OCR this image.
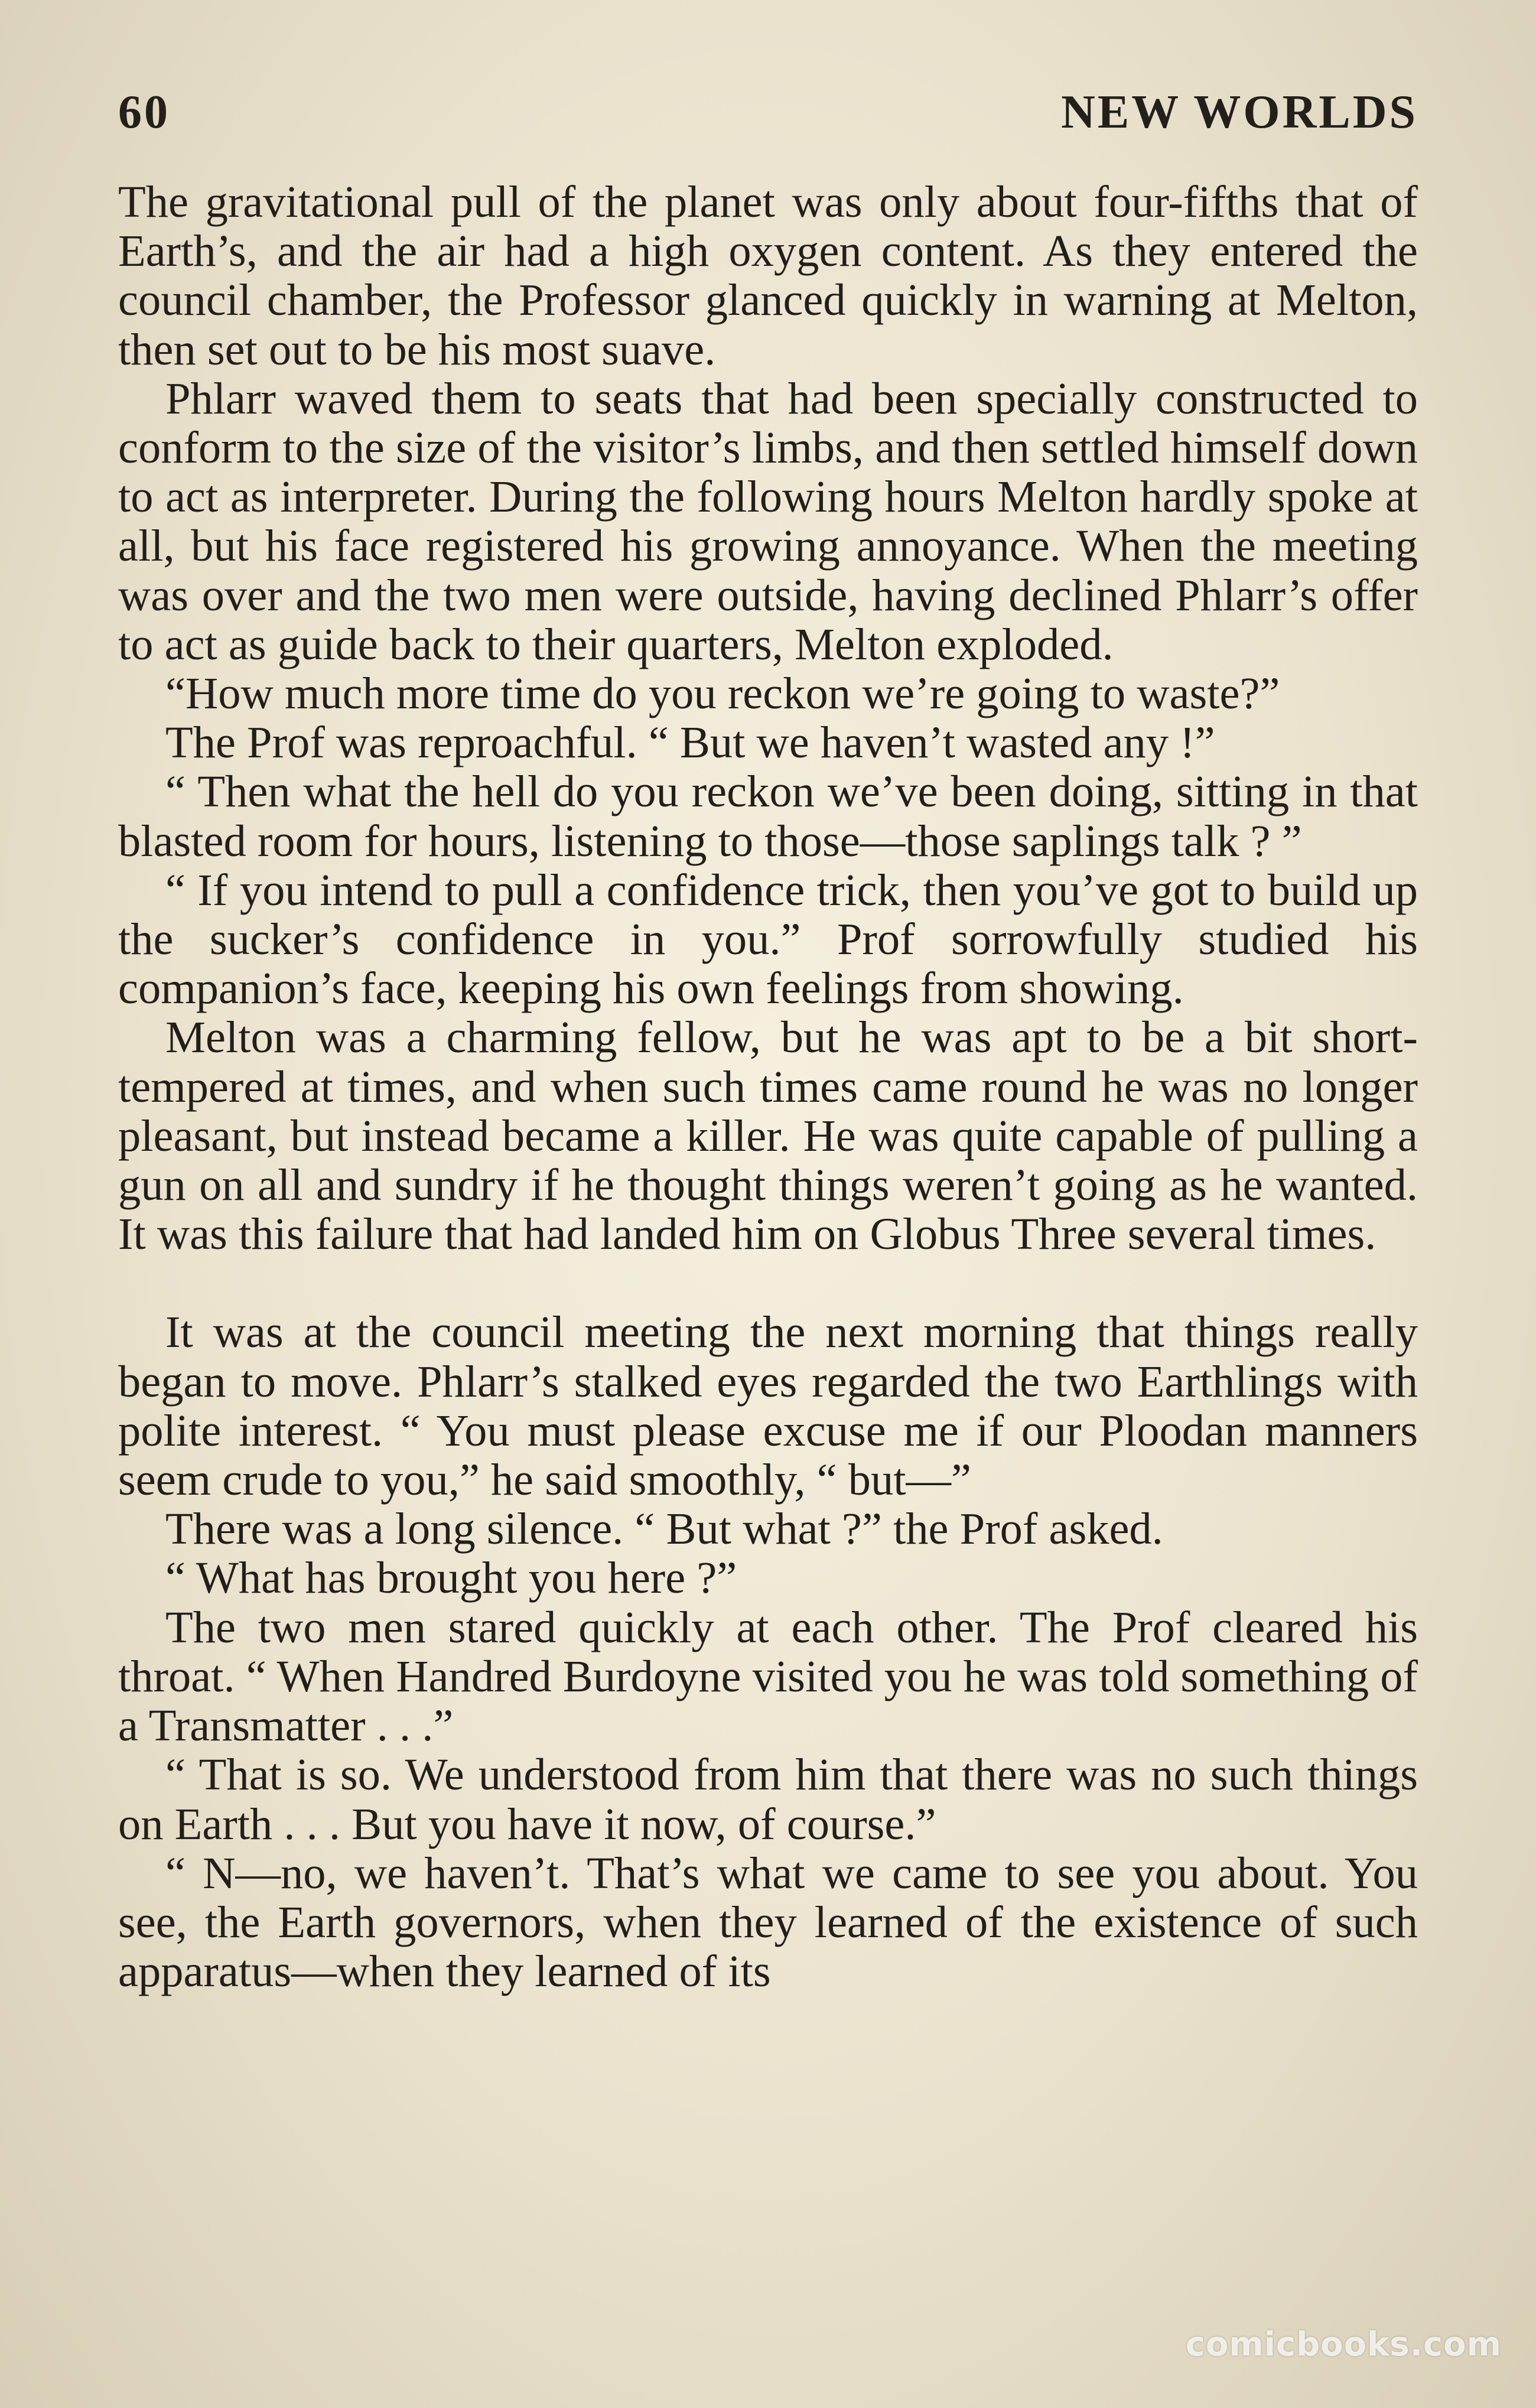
60	NEW WORLDS

The gravitational pull of the planet was only about four-fifths that of Earth’s, and the air had a high oxygen content. As they entered the council chamber, the Professor glanced quickly in warning at Melton, then set out to be his most suave.

Phlarr waved them to seats that had been specially constructed to conform to the size of the visitor’s limbs, and then settled himself down to act as interpreter. During the following hours Melton hardly spoke at all, but his face registered his growing annoyance. When the meeting was over and the two men were outside, having declined Phlarr’s offer to act as guide back to their quarters, Melton exploded.

“How much more time do you reckon we’re going to waste?”

The Prof was reproachful. “ But we haven’t wasted any !”

“ Then what the hell do you reckon we’ve been doing, sitting in that blasted room for hours, listening to those—those saplings talk ? ”

“ If you intend to pull a confidence trick, then you’ve got to build up the sucker’s confidence in you.” Prof sorrowfully studied his companion’s face, keeping his own feelings from showing.

Melton was a charming fellow, but he was apt to be a bit short-tempered at times, and when such times came round he was no longer pleasant, but instead became a killer. He was quite capable of pulling a gun on all and sundry if he thought things weren’t going as he wanted. It was this failure that had landed him on Globus Three several times.

It was at the council meeting the next morning that things really began to move. Phlarr’s stalked eyes regarded the two Earthlings with polite interest. “ You must please excuse me if our Ploodan manners seem crude to you,” he said smoothly, “ but—”

There was a long silence. “ But what ?” the Prof asked.

“ What has brought you here ?”

The two men stared quickly at each other. The Prof cleared his throat. “ When Handred Burdoyne visited you he was told something of a Transmatter . . .”

“ That is so. We understood from him that there was no such things on Earth . . . But you have it now, of course.”

“ N—no, we haven’t. That’s what we came to see you about. You see, the Earth governors, when they learned of the existence of such apparatus—when they learned of its

comicbooks.com
